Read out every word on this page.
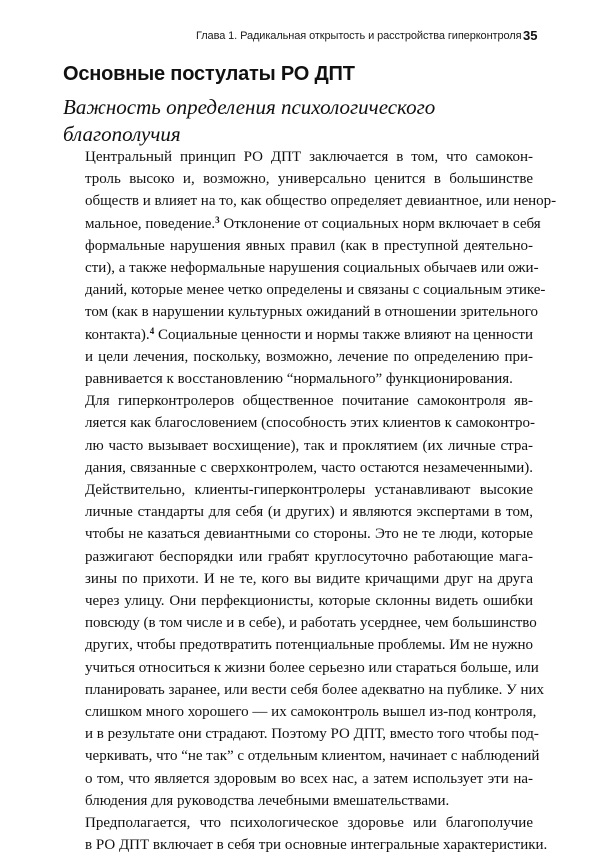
Глава 1. Радикальная открытость и расстройства гиперконтроля 35
Основные постулаты РО ДПТ
Важность определения психологического
благополучия

Центральный принцип РО ДПТ заключается в том, что самокон-
троль высоко и, возможно, универсально ценится в большинстве
обществ и влияет на то, как общество определяет девиантное, или ненор-
мальное, поведение.$^3$ Отклонение от социальных норм включает в себя
формальные нарушения явных правил (как в преступной деятельно-
сти), а также неформальные нарушения социальных обычаев или ожи-
даний, которые менее четко определены и связаны с социальным этике-
том (как в нарушении культурных ожиданий в отношении зрительного
контакта).$^4$ Социальные ценности и нормы также влияют на ценности
и цели лечения, поскольку, возможно, лечение по определению при-
равнивается к восстановлению “нормального” функционирования.

Для гиперконтролеров общественное почитание самоконтроля яв-
ляется как благословением (способность этих клиентов к самоконтро-
лю часто вызывает восхищение), так и проклятием (их личные стра-
дания, связанные с сверхконтролем, часто остаются незамеченными).
Действительно, клиенты-гиперконтролеры устанавливают высокие
личные стандарты для себя (и других) и являются экспертами в том,
чтобы не казаться девиантными со стороны. Это не те люди, которые
разжигают беспорядки или грабят круглосуточно работающие мага-
зины по прихоти. И не те, кого вы видите кричащими друг на друга
через улицу. Они перфекционисты, которые склонны видеть ошибки
повсюду (в том числе и в себе), и работать усерднее, чем большинство
других, чтобы предотвратить потенциальные проблемы. Им не нужно
учиться относиться к жизни более серьезно или стараться больше, или
планировать заранее, или вести себя более адекватно на публике. У них
слишком много хорошего — их самоконтроль вышел из-под контроля,
и в результате они страдают. Поэтому РО ДПТ, вместо того чтобы под-
черкивать, что “не так” с отдельным клиентом, начинает с наблюдений
о том, что является здоровым во всех нас, а затем использует эти на-
блюдения для руководства лечебными вмешательствами.

Предполагается, что психологическое здоровье или благополучие
в РО ДПТ включает в себя три основные интегральные характеристики.
